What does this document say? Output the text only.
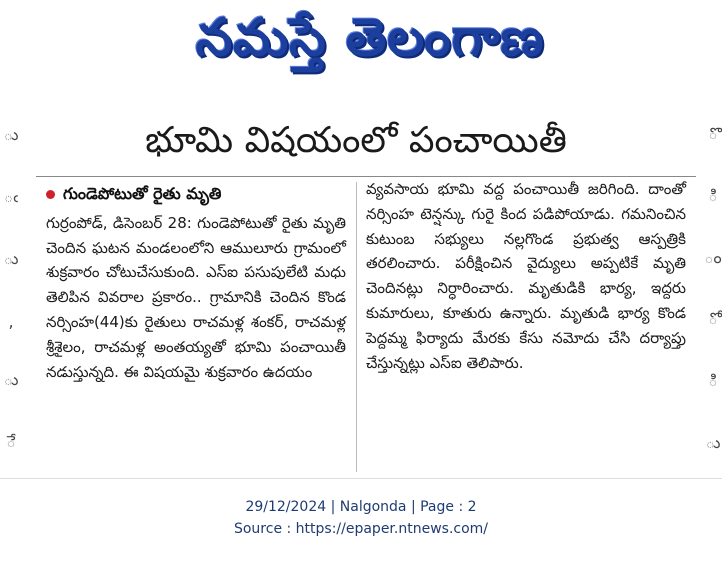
నమస్తే తెలంగాణ
ు
ఁ
ు
,
ు
ే
ొ
ి
ం
ో
ి
ు
భూమి విషయంలో పంచాయితీ
గుండెపోటుతో రైతు మృతి
గుర్రంపోడ్, డిసెంబర్ 28: గుండెపోటుతో రైతు మృతి చెందిన ఘటన మండలంలోని ఆములూరు గ్రామంలో శుక్రవారం చోటుచేసుకుంది. ఎస్ఐ పసుపులేటి మధు తెలిపిన వివరాల ప్రకారం.. గ్రామానికి చెందిన కొండ నర్సింహ(44)కు రైతులు రాచమళ్ల శంకర్, రాచమళ్ల శ్రీశైలం, రాచమళ్ల అంతయ్యతో భూమి పంచాయితీ నడుస్తున్నది. ఈ విషయమై శుక్రవారం ఉదయం
వ్యవసాయ భూమి వద్ద పంచాయితీ జరిగింది. దాంతో నర్సింహ టెన్షన్కు గురై కింద పడిపోయాడు. గమనించిన కుటుంబ సభ్యులు నల్లగొండ ప్రభుత్వ ఆస్పత్రికి తరలించారు. పరీక్షించిన వైద్యులు అప్పటికే మృతి చెందినట్లు నిర్ధారించారు. మృతుడికి భార్య, ఇద్దరు కుమారులు, కూతురు ఉన్నారు. మృతుడి భార్య కొండ పెద్దమ్మ ఫిర్యాదు మేరకు కేసు నమోదు చేసి దర్యాప్తు చేస్తున్నట్లు ఎస్ఐ తెలిపారు.
29/12/2024 | Nalgonda | Page : 2
Source : https://epaper.ntnews.com/
